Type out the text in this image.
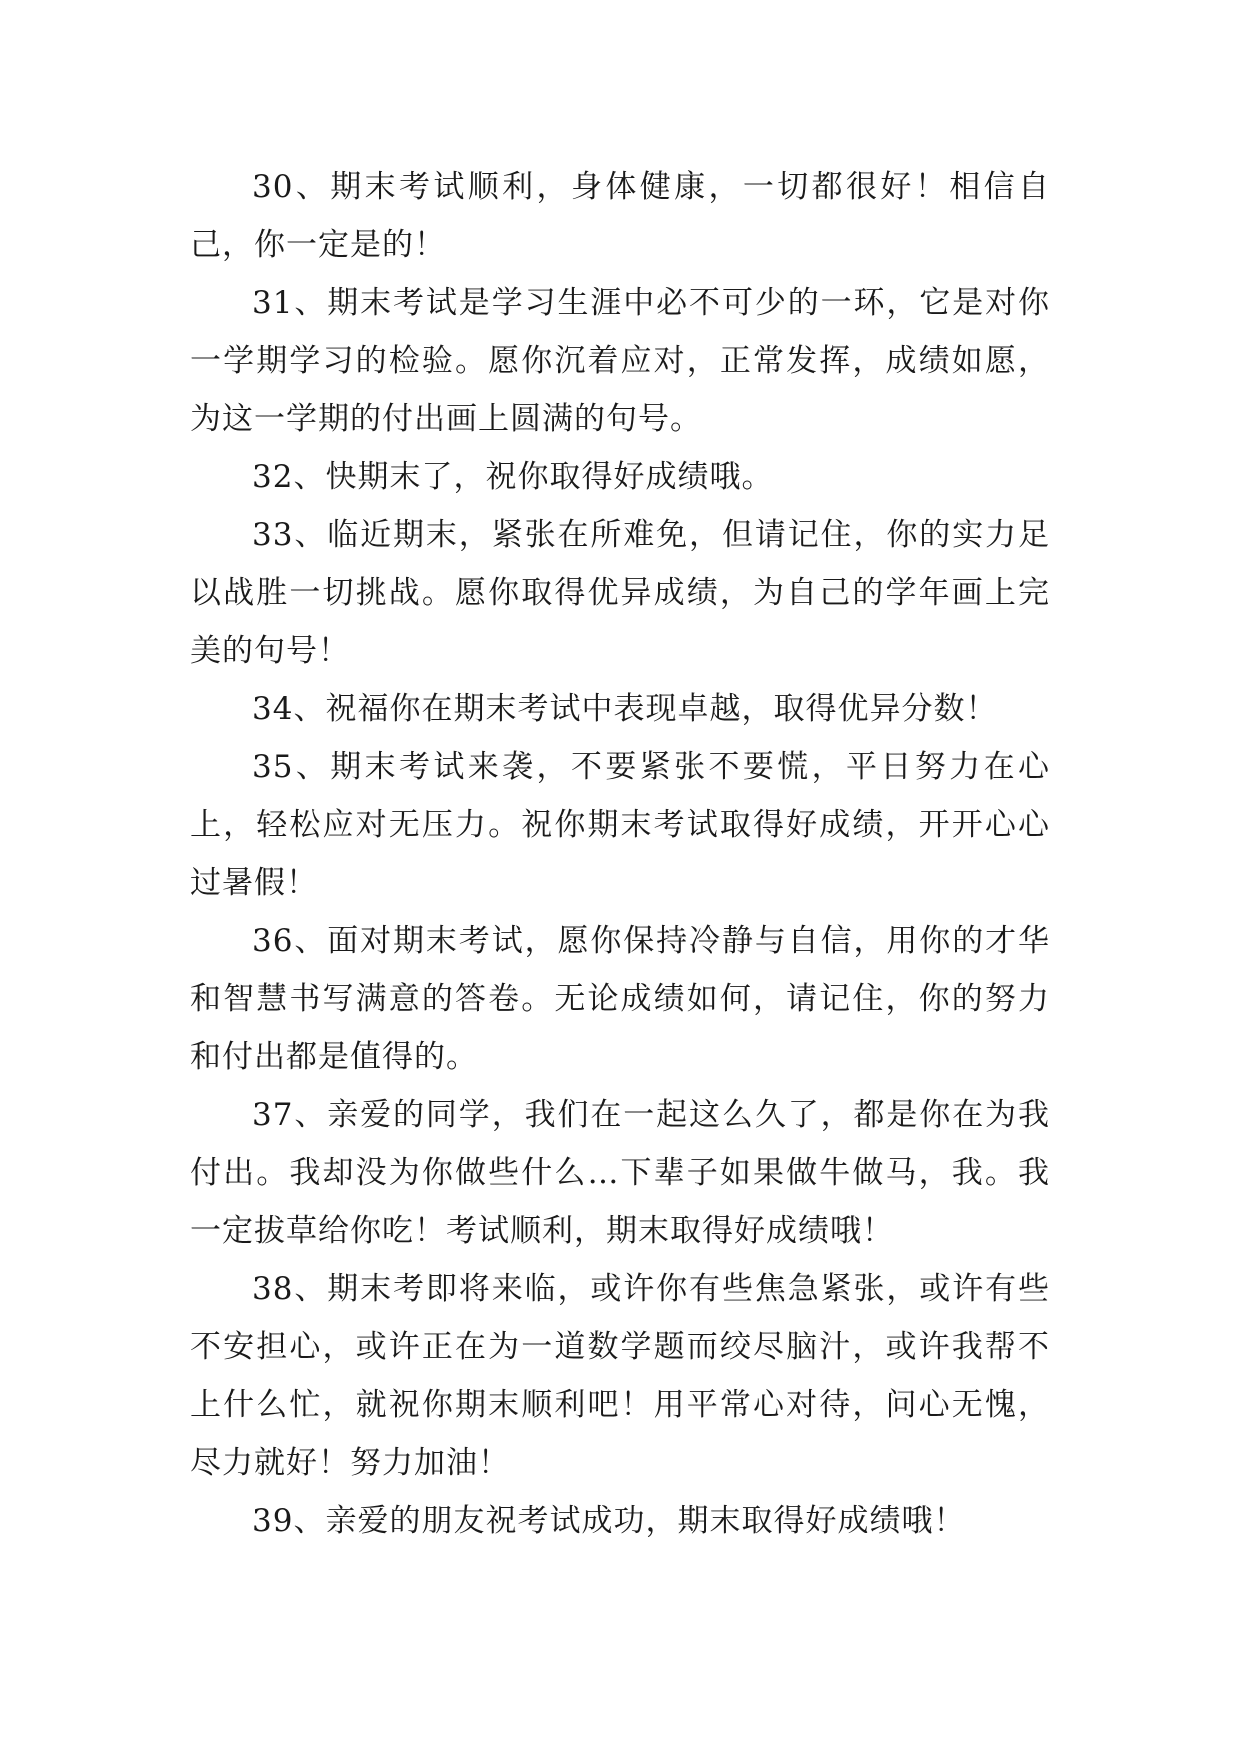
30、期末考试顺利，身体健康，一切都很好！相信自己，你一定是的！

31、期末考试是学习生涯中必不可少的一环，它是对你一学期学习的检验。愿你沉着应对，正常发挥，成绩如愿，为这一学期的付出画上圆满的句号。

32、快期末了，祝你取得好成绩哦。

33、临近期末，紧张在所难免，但请记住，你的实力足以战胜一切挑战。愿你取得优异成绩，为自己的学年画上完美的句号！

34、祝福你在期末考试中表现卓越，取得优异分数！

35、期末考试来袭，不要紧张不要慌，平日努力在心上，轻松应对无压力。祝你期末考试取得好成绩，开开心心过暑假！

36、面对期末考试，愿你保持冷静与自信，用你的才华和智慧书写满意的答卷。无论成绩如何，请记住，你的努力和付出都是值得的。

37、亲爱的同学，我们在一起这么久了，都是你在为我付出。我却没为你做些什么…下辈子如果做牛做马，我。我一定拔草给你吃！考试顺利，期末取得好成绩哦！

38、期末考即将来临，或许你有些焦急紧张，或许有些不安担心，或许正在为一道数学题而绞尽脑汁，或许我帮不上什么忙，就祝你期末顺利吧！用平常心对待，问心无愧，尽力就好！努力加油！

39、亲爱的朋友祝考试成功，期末取得好成绩哦！
